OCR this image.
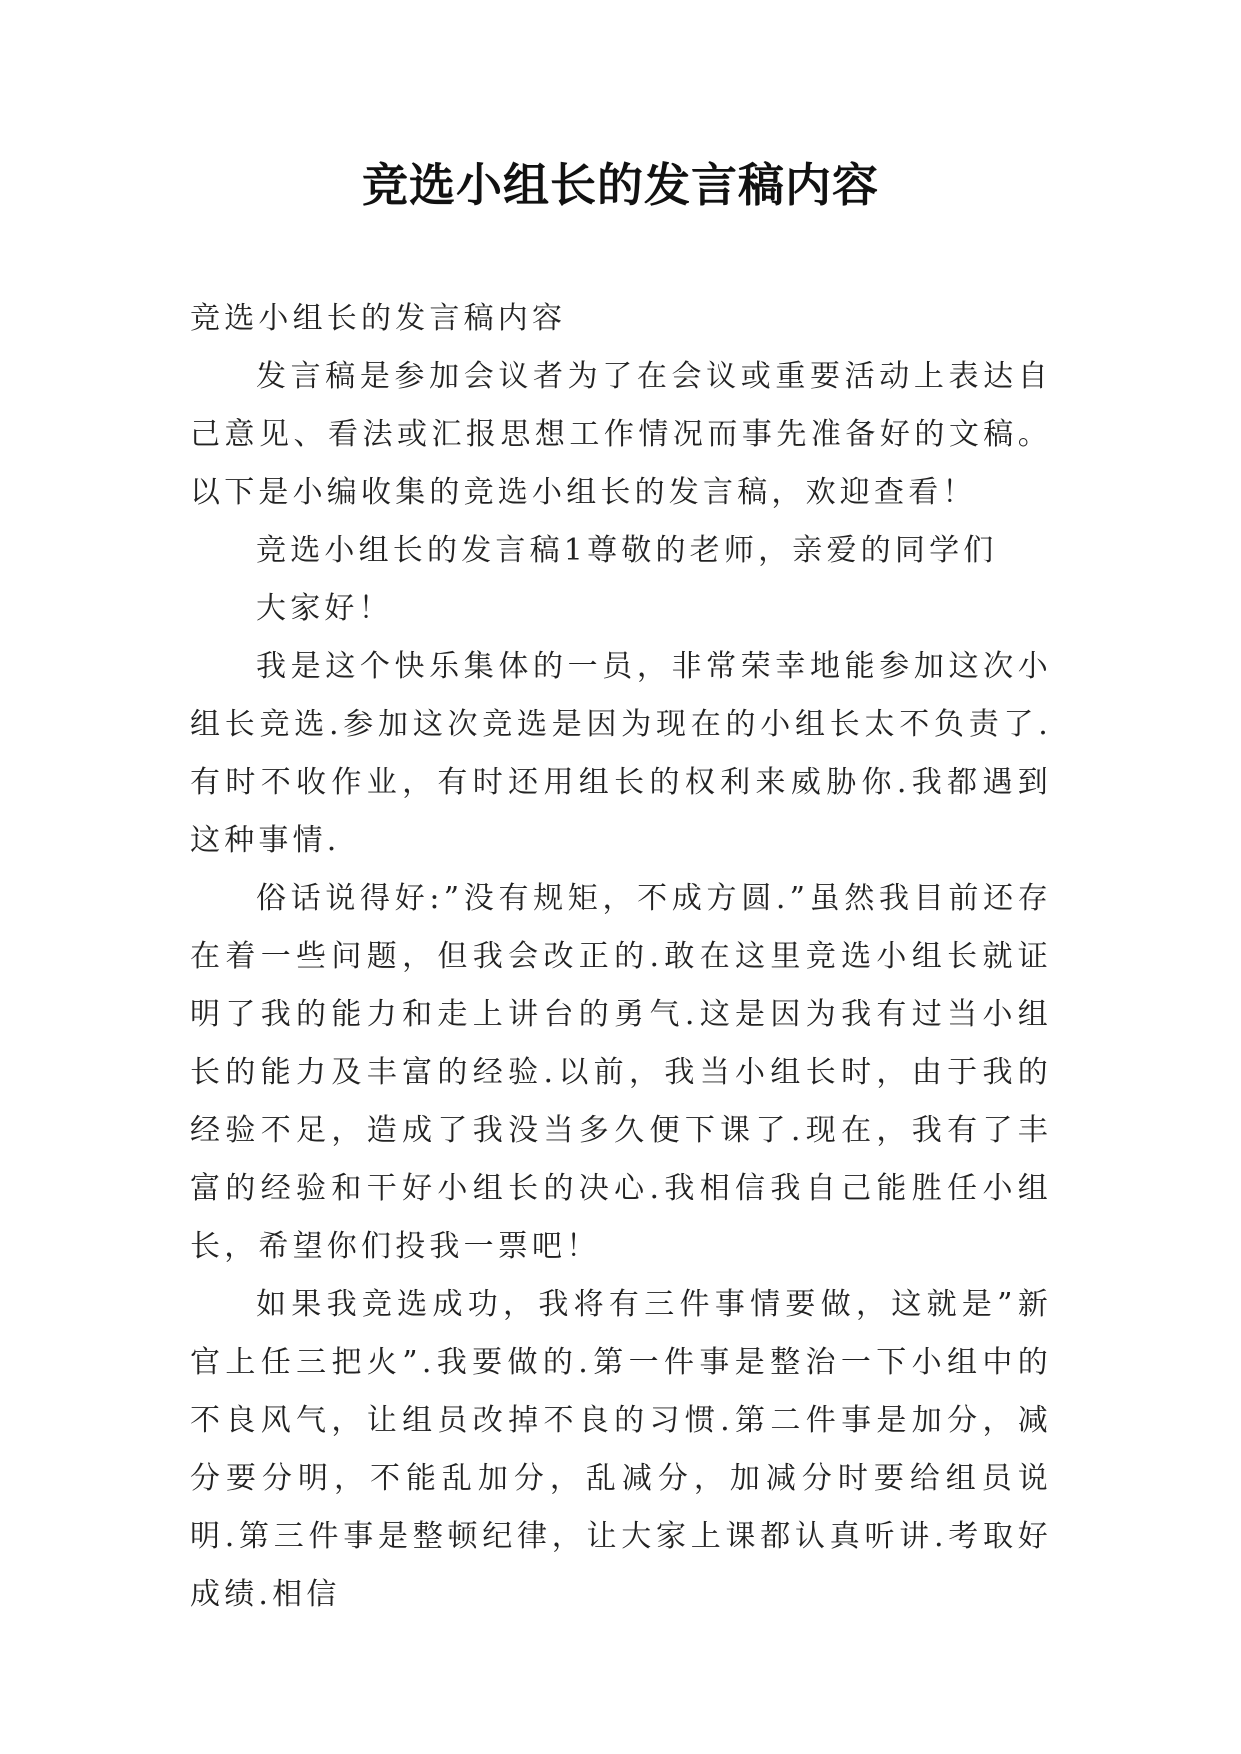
竞选小组长的发言稿内容

竞选小组长的发言稿内容

发言稿是参加会议者为了在会议或重要活动上表达自己意见、看法或汇报思想工作情况而事先准备好的文稿。以下是小编收集的竞选小组长的发言稿，欢迎查看！

竞选小组长的发言稿1尊敬的老师，亲爱的同学们

大家好！

我是这个快乐集体的一员，非常荣幸地能参加这次小组长竞选.参加这次竞选是因为现在的小组长太不负责了.有时不收作业，有时还用组长的权利来威胁你.我都遇到这种事情.

俗话说得好:”没有规矩，不成方圆.”虽然我目前还存在着一些问题，但我会改正的.敢在这里竞选小组长就证明了我的能力和走上讲台的勇气.这是因为我有过当小组长的能力及丰富的经验.以前，我当小组长时，由于我的经验不足，造成了我没当多久便下课了.现在，我有了丰富的经验和干好小组长的决心.我相信我自己能胜任小组长，希望你们投我一票吧！

如果我竞选成功，我将有三件事情要做，这就是”新官上任三把火”.我要做的.第一件事是整治一下小组中的不良风气，让组员改掉不良的习惯.第二件事是加分，减分要分明，不能乱加分，乱减分，加减分时要给组员说明.第三件事是整顿纪律，让大家上课都认真听讲.考取好成绩.相信
